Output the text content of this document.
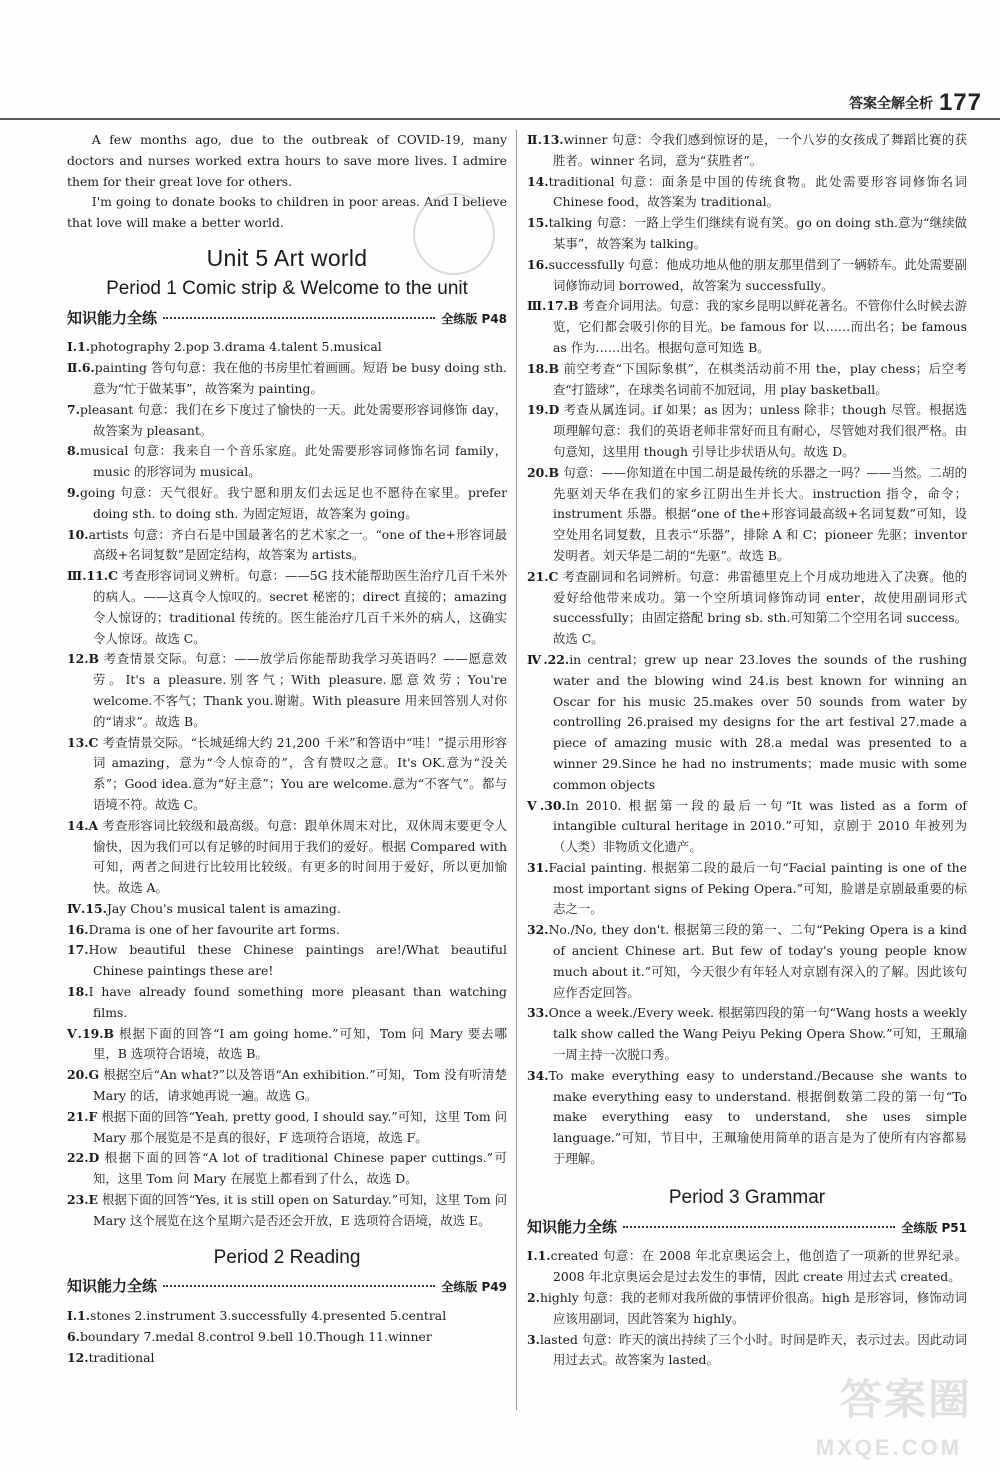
答案全解全析 177

A few months ago, due to the outbreak of COVID-19, many doctors and nurses worked extra hours to save more lives. I admire them for their great love for others.

I'm going to donate books to children in poor areas. And I believe that love will make a better world.

Unit 5 Art world
Period 1 Comic strip & Welcome to the unit
知识能力全练	全练版 P48

Ⅰ.1.photography 2.pop 3.drama 4.talent 5.musical

Ⅱ.6.painting 答句句意：我在他的书房里忙着画画。短语 be busy doing sth.意为“忙于做某事”，故答案为 painting。

7.pleasant 句意：我们在乡下度过了愉快的一天。此处需要形容词修饰 day，故答案为 pleasant。

8.musical 句意：我来自一个音乐家庭。此处需要形容词修饰名词 family，music 的形容词为 musical。

9.going 句意：天气很好。我宁愿和朋友们去远足也不愿待在家里。prefer doing sth. to doing sth. 为固定短语，故答案为 going。

10.artists 句意：齐白石是中国最著名的艺术家之一。“one of the+形容词最高级+名词复数”是固定结构，故答案为 artists。

Ⅲ.11.C 考查形容词词义辨析。句意：——5G 技术能帮助医生治疗几百千米外的病人。——这真令人惊叹的。secret 秘密的；direct 直接的；amazing 令人惊讶的；traditional 传统的。医生能治疗几百千米外的病人，这确实令人惊讶。故选 C。

12.B 考查情景交际。句意：——放学后你能帮助我学习英语吗？——愿意效劳。It's a pleasure.别客气；With pleasure.愿意效劳；You're welcome.不客气；Thank you.谢谢。With pleasure 用来回答别人对你的“请求”。故选 B。

13.C 考查情景交际。“长城延绵大约 21,200 千米”和答语中“哇！”提示用形容词 amazing，意为“令人惊奇的”，含有赞叹之意。It's OK.意为“没关系”；Good idea.意为“好主意”；You are welcome.意为“不客气”。都与语境不符。故选 C。

14.A 考查形容词比较级和最高级。句意：跟单休周末对比，双休周末要更令人愉快，因为我们可以有足够的时间用于我们的爱好。根据 Compared with 可知，两者之间进行比较用比较级。有更多的时间用于爱好，所以更加愉快。故选 A。

Ⅳ.15.Jay Chou's musical talent is amazing.

16.Drama is one of her favourite art forms.

17.How beautiful these Chinese paintings are!/What beautiful Chinese paintings these are!

18.I have already found something more pleasant than watching films.

Ⅴ.19.B 根据下面的回答“I am going home.”可知，Tom 问 Mary 要去哪里，B 选项符合语境，故选 B。

20.G 根据空后“An what?”以及答语“An exhibition.”可知，Tom 没有听清楚 Mary 的话，请求她再说一遍。故选 G。

21.F 根据下面的回答“Yeah, pretty good, I should say.”可知，这里 Tom 问 Mary 那个展览是不是真的很好，F 选项符合语境，故选 F。

22.D 根据下面的回答“A lot of traditional Chinese paper cuttings.”可知，这里 Tom 问 Mary 在展览上都看到了什么，故选 D。

23.E 根据下面的回答“Yes, it is still open on Saturday.”可知，这里 Tom 问 Mary 这个展览在这个星期六是否还会开放，E 选项符合语境，故选 E。

Period 2 Reading
知识能力全练	全练版 P49

Ⅰ.1.stones 2.instrument 3.successfully 4.presented 5.central

6.boundary 7.medal 8.control 9.bell 10.Though 11.winner

12.traditional

Ⅱ.13.winner 句意：令我们感到惊讶的是，一个八岁的女孩成了舞蹈比赛的获胜者。winner 名词，意为“获胜者”。

14.traditional 句意：面条是中国的传统食物。此处需要形容词修饰名词 Chinese food，故答案为 traditional。

15.talking 句意：一路上学生们继续有说有笑。go on doing sth.意为“继续做某事”，故答案为 talking。

16.successfully 句意：他成功地从他的朋友那里借到了一辆轿车。此处需要副词修饰动词 borrowed，故答案为 successfully。

Ⅲ.17.B 考查介词用法。句意：我的家乡昆明以鲜花著名。不管你什么时候去游览，它们都会吸引你的目光。be famous for 以……而出名；be famous as 作为……出名。根据句意可知选 B。

18.B 前空考查“下国际象棋”，在棋类活动前不用 the，play chess；后空考查“打篮球”，在球类名词前不加冠词，用 play basketball。

19.D 考查从属连词。if 如果；as 因为；unless 除非；though 尽管。根据选项理解句意：我们的英语老师非常好而且有耐心，尽管她对我们很严格。由句意知，这里用 though 引导让步状语从句。故选 D。

20.B 句意：——你知道在中国二胡是最传统的乐器之一吗？——当然。二胡的先驱刘天华在我们的家乡江阴出生并长大。instruction 指令，命令；instrument 乐器。根据“one of the+形容词最高级+名词复数”可知，设空处用名词复数，且表示“乐器”，排除 A 和 C；pioneer 先驱；inventor 发明者。刘天华是二胡的“先驱”。故选 B。

21.C 考查副词和名词辨析。句意：弗雷德里克上个月成功地进入了决赛。他的爱好给他带来成功。第一个空所填词修饰动词 enter，故使用副词形式 successfully；由固定搭配 bring sb. sth.可知第二个空用名词 success。故选 C。

Ⅳ.22.in central；grew up near 23.loves the sounds of the rushing water and the blowing wind 24.is best known for winning an Oscar for his music 25.makes over 50 sounds from water by controlling 26.praised my designs for the art festival 27.made a piece of amazing music with 28.a medal was presented to a winner 29.Since he had no instruments；made music with some common objects

Ⅴ.30.In 2010. 根据第一段的最后一句“It was listed as a form of intangible cultural heritage in 2010.”可知，京剧于 2010 年被列为（人类）非物质文化遗产。

31.Facial painting. 根据第二段的最后一句“Facial painting is one of the most important signs of Peking Opera.”可知，脸谱是京剧最重要的标志之一。

32.No./No, they don't. 根据第三段的第一、二句“Peking Opera is a kind of ancient Chinese art. But few of today's young people know much about it.”可知，今天很少有年轻人对京剧有深入的了解。因此该句应作否定回答。

33.Once a week./Every week. 根据第四段的第一句“Wang hosts a weekly talk show called the Wang Peiyu Peking Opera Show.”可知，王珮瑜一周主持一次脱口秀。

34.To make everything easy to understand./Because she wants to make everything easy to understand. 根据倒数第二段的第一句“To make everything easy to understand, she uses simple language.”可知，节目中，王珮瑜使用简单的语言是为了使所有内容都易于理解。

Period 3 Grammar
知识能力全练	全练版 P51

Ⅰ.1.created 句意：在 2008 年北京奥运会上，他创造了一项新的世界纪录。2008 年北京奥运会是过去发生的事情，因此 create 用过去式 created。

2.highly 句意：我的老师对我所做的事情评价很高。high 是形容词，修饰动词应该用副词，因此答案为 highly。

3.lasted 句意：昨天的演出持续了三个小时。时间是昨天，表示过去。因此动词用过去式。故答案为 lasted。

答案圈
MXQE.COM
